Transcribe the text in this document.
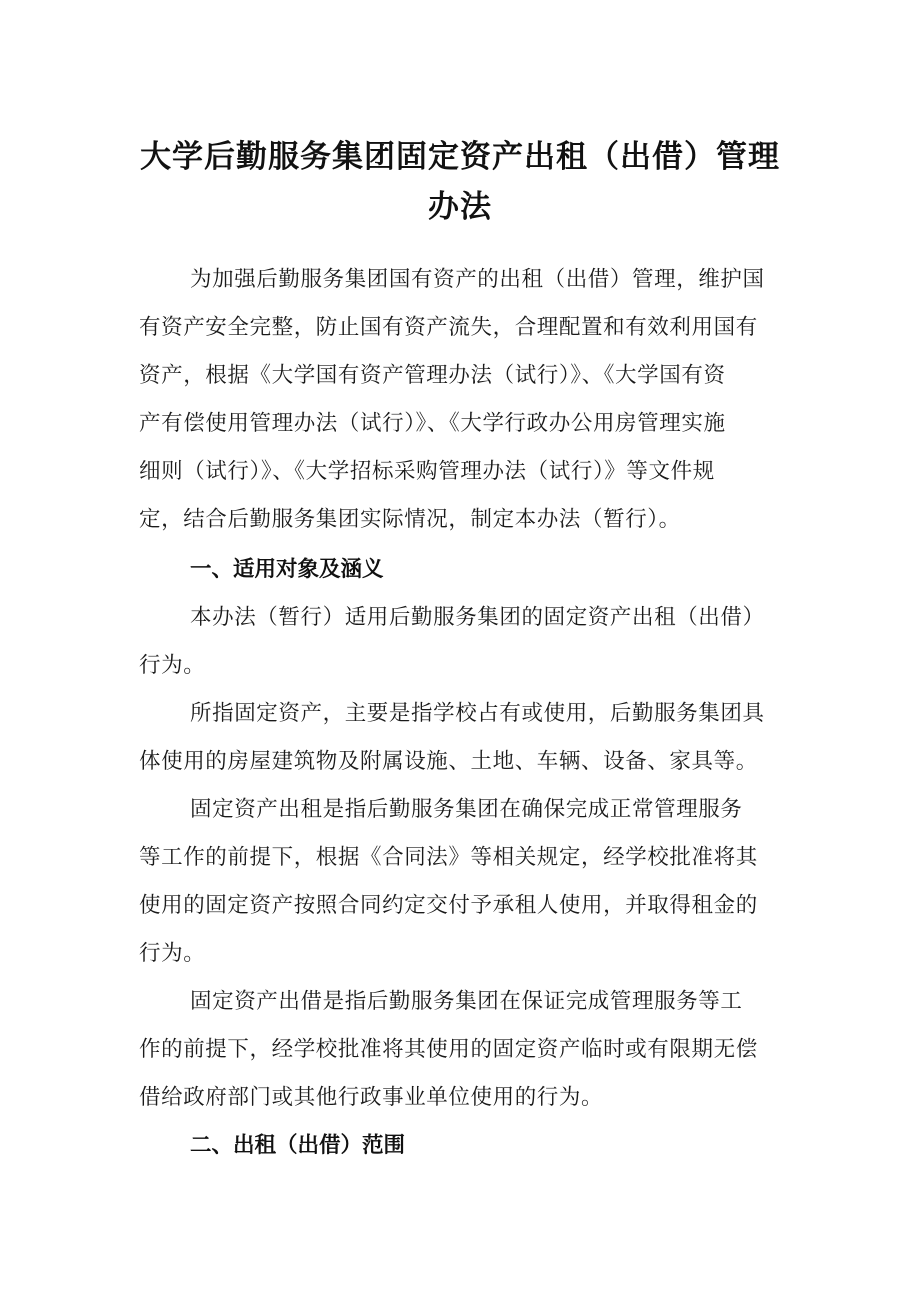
大学后勤服务集团固定资产出租（出借）管理
办法
为加强后勤服务集团国有资产的出租（出借）管理，维护国
有资产安全完整，防止国有资产流失，合理配置和有效利用国有
资产，根据《大学国有资产管理办法（试行）》、《大学国有资
产有偿使用管理办法（试行）》、《大学行政办公用房管理实施
细则（试行）》、《大学招标采购管理办法（试行）》等文件规
定，结合后勤服务集团实际情况，制定本办法（暂行）。
一、适用对象及涵义
本办法（暂行）适用后勤服务集团的固定资产出租（出借）
行为。
所指固定资产，主要是指学校占有或使用，后勤服务集团具
体使用的房屋建筑物及附属设施、土地、车辆、设备、家具等。
固定资产出租是指后勤服务集团在确保完成正常管理服务
等工作的前提下，根据《合同法》等相关规定，经学校批准将其
使用的固定资产按照合同约定交付予承租人使用，并取得租金的
行为。
固定资产出借是指后勤服务集团在保证完成管理服务等工
作的前提下，经学校批准将其使用的固定资产临时或有限期无偿
借给政府部门或其他行政事业单位使用的行为。
二、出租（出借）范围
